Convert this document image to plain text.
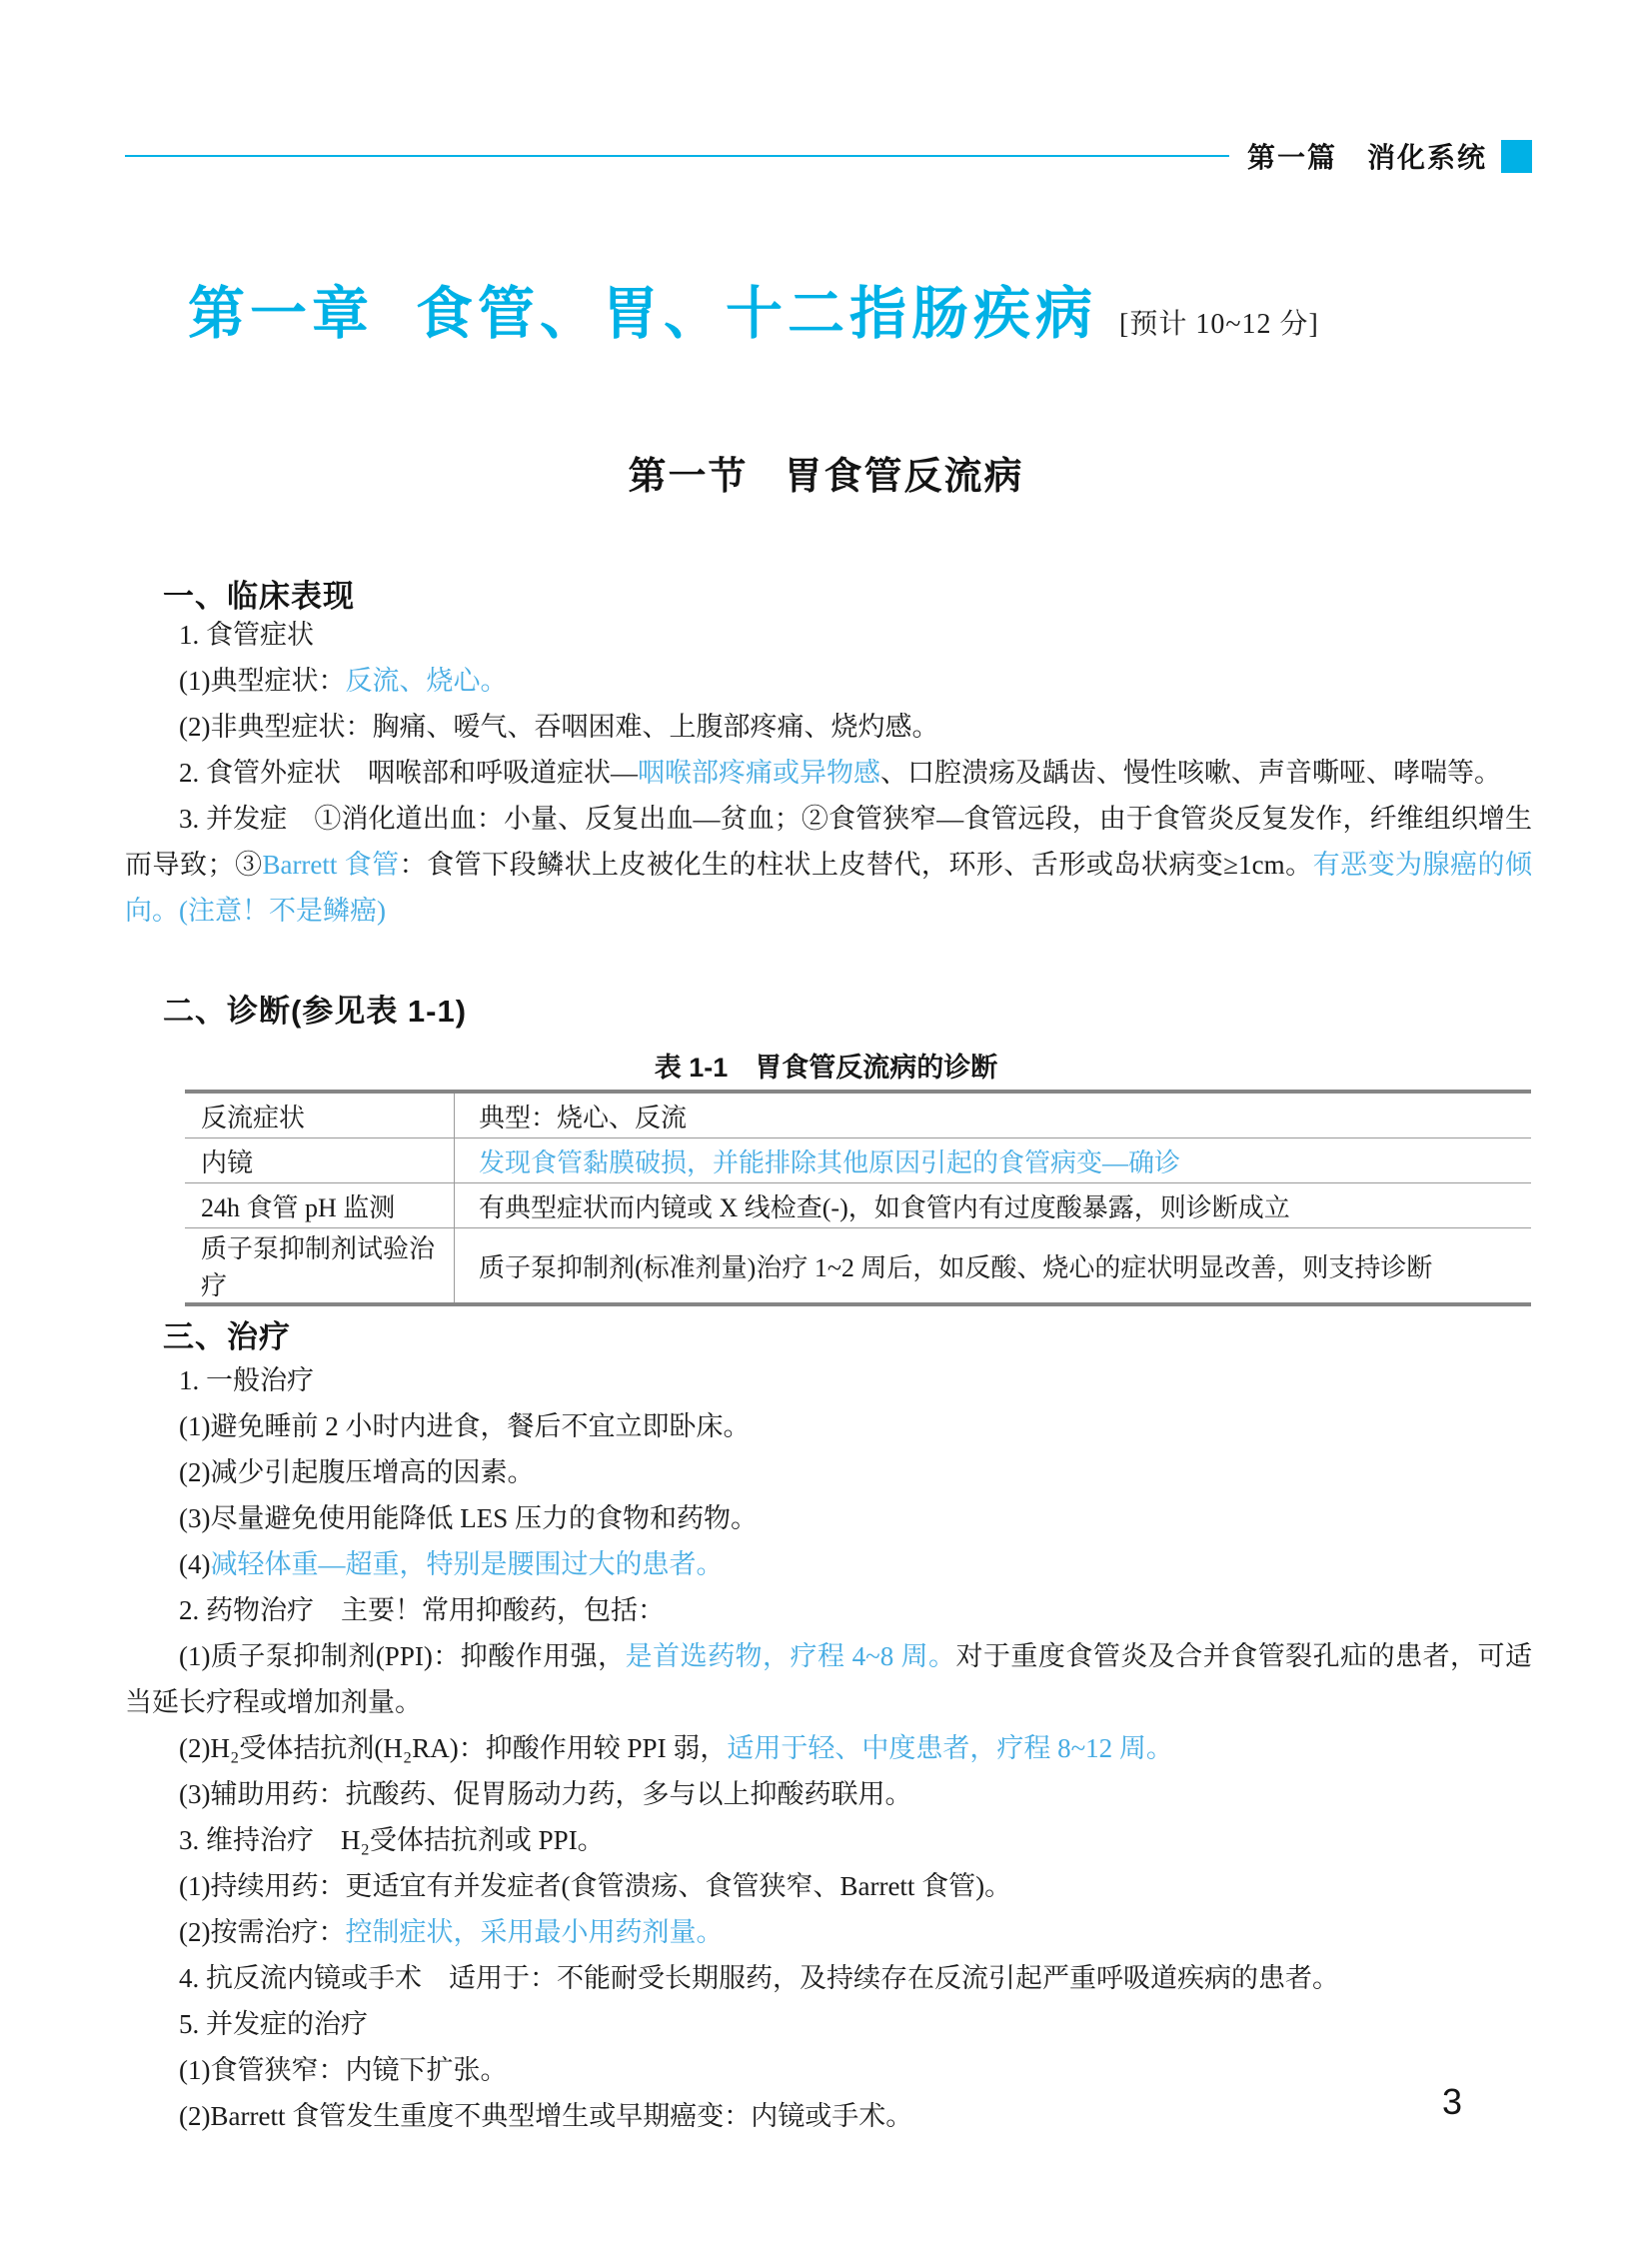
第一篇　消化系统
第一章 食管、胃、十二指肠疾病 [预计 10~12 分]
第一节 胃食管反流病
一、临床表现

1. 食管症状

(1)典型症状：反流、烧心。

(2)非典型症状：胸痛、嗳气、吞咽困难、上腹部疼痛、烧灼感。

2. 食管外症状　咽喉部和呼吸道症状—咽喉部疼痛或异物感、口腔溃疡及龋齿、慢性咳嗽、声音嘶哑、哮喘等。

3. 并发症　①消化道出血：小量、反复出血—贫血；②食管狭窄—食管远段，由于食管炎反复发作，纤维组织增生而导致；③Barrett 食管：食管下段鳞状上皮被化生的柱状上皮替代，环形、舌形或岛状病变≥1cm。有恶变为腺癌的倾向。(注意！不是鳞癌)

二、诊断(参见表 1-1)
表 1-1　胃食管反流病的诊断
反流症状	典型：烧心、反流
内镜	发现食管黏膜破损，并能排除其他原因引起的食管病变—确诊
24h 食管 pH 监测	有典型症状而内镜或 X 线检查(-)，如食管内有过度酸暴露，则诊断成立
质子泵抑制剂试验治疗	质子泵抑制剂(标准剂量)治疗 1~2 周后，如反酸、烧心的症状明显改善，则支持诊断
三、治疗

1. 一般治疗

(1)避免睡前 2 小时内进食，餐后不宜立即卧床。

(2)减少引起腹压增高的因素。

(3)尽量避免使用能降低 LES 压力的食物和药物。

(4)减轻体重—超重，特别是腰围过大的患者。

2. 药物治疗　主要！常用抑酸药，包括：

(1)质子泵抑制剂(PPI)：抑酸作用强，是首选药物，疗程 4~8 周。对于重度食管炎及合并食管裂孔疝的患者，可适当延长疗程或增加剂量。

(2)H₂受体拮抗剂(H₂RA)：抑酸作用较 PPI 弱，适用于轻、中度患者，疗程 8~12 周。

(3)辅助用药：抗酸药、促胃肠动力药，多与以上抑酸药联用。

3. 维持治疗　H₂受体拮抗剂或 PPI。

(1)持续用药：更适宜有并发症者(食管溃疡、食管狭窄、Barrett 食管)。

(2)按需治疗：控制症状，采用最小用药剂量。

4. 抗反流内镜或手术　适用于：不能耐受长期服药，及持续存在反流引起严重呼吸道疾病的患者。

5. 并发症的治疗

(1)食管狭窄：内镜下扩张。

(2)Barrett 食管发生重度不典型增生或早期癌变：内镜或手术。	3
